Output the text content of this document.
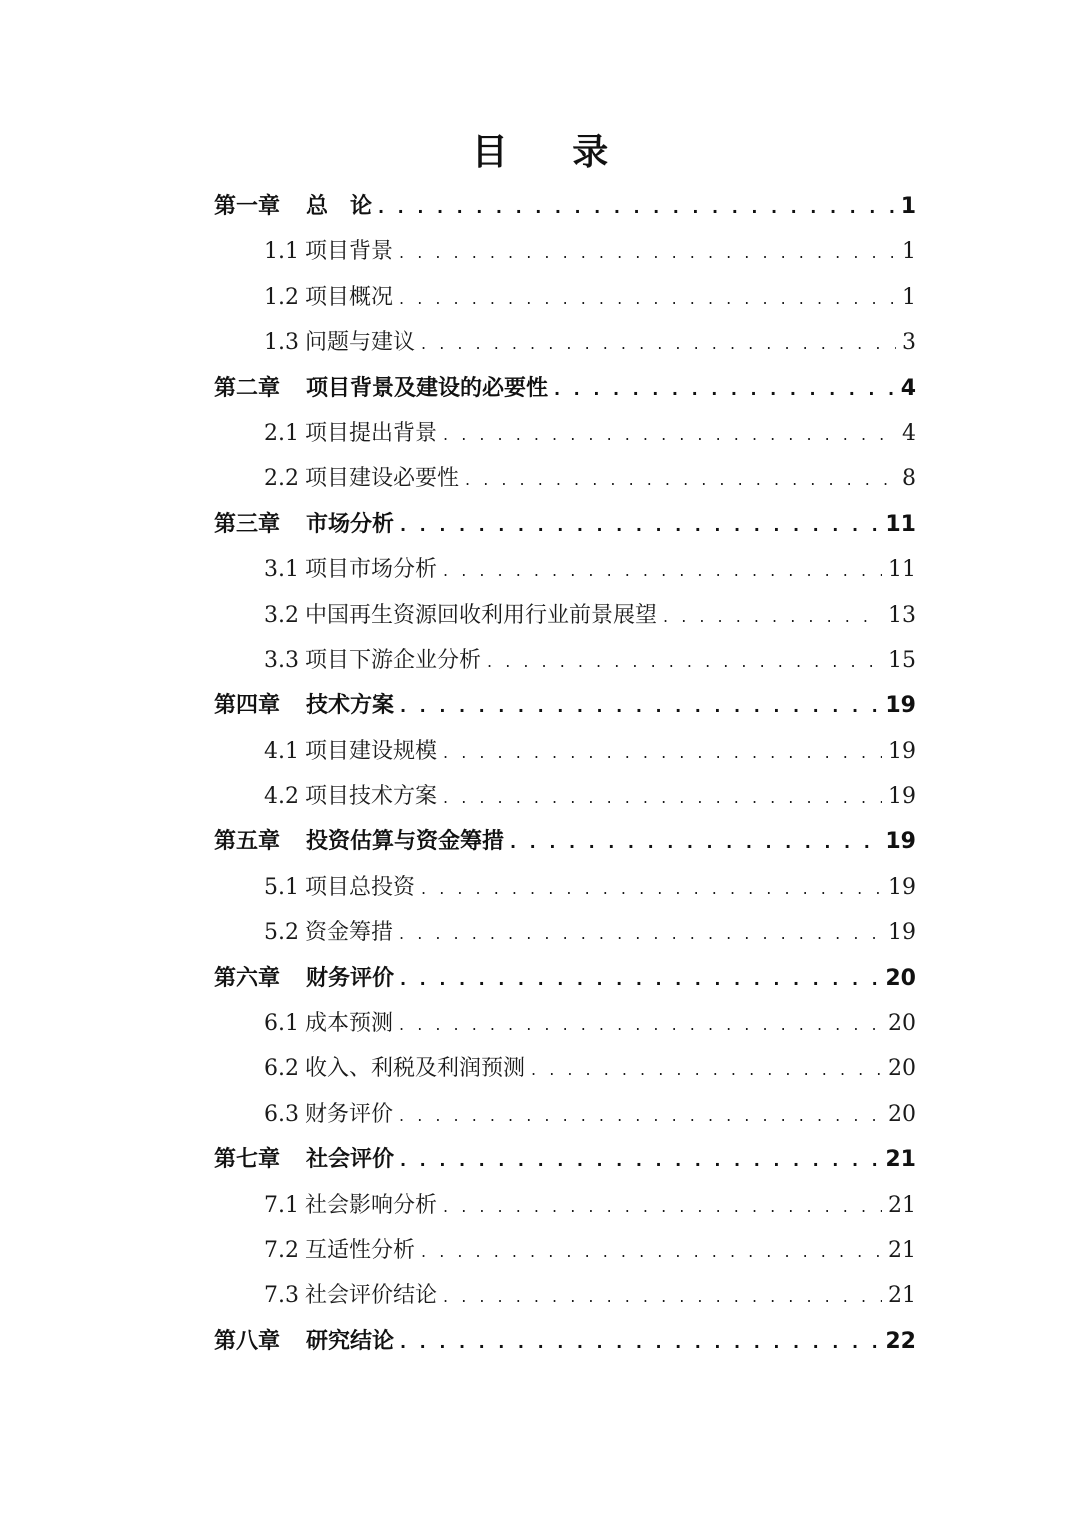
目 录
第一章 总　论 . . .	1
1.1 项目背景 . . .	1
1.2 项目概况 . . .	1
1.3 问题与建议 . . .	3
第二章 项目背景及建设的必要性 . . .	4
2.1 项目提出背景 . . .	4
2.2 项目建设必要性 . . .	8
第三章 市场分析 . . .	11
3.1 项目市场分析 . . .	11
3.2 中国再生资源回收利用行业前景展望 . . .	13
3.3 项目下游企业分析 . . .	15
第四章 技术方案 . . .	19
4.1 项目建设规模 . . .	19
4.2 项目技术方案 . . .	19
第五章 投资估算与资金筹措 . . .	19
5.1 项目总投资 . . .	19
5.2 资金筹措 . . .	19
第六章 财务评价 . . .	20
6.1 成本预测 . . .	20
6.2 收入、利税及利润预测 . . .	20
6.3 财务评价 . . .	20
第七章 社会评价 . . .	21
7.1 社会影响分析 . . .	21
7.2 互适性分析 . . .	21
7.3 社会评价结论 . . .	21
第八章 研究结论 . . .	22
